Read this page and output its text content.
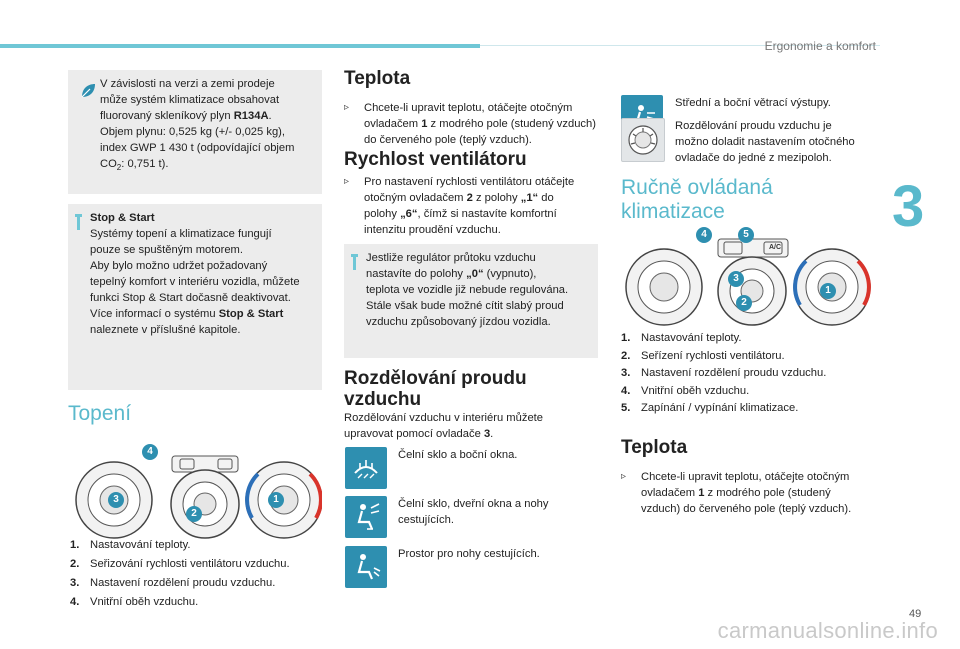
Ergonomie a komfort
3
49
carmanualsonline.info
V závislosti na verzi a zemi prodeje
může systém klimatizace obsahovat
fluorovaný skleníkový plyn R134A.
Objem plynu: 0,525 kg (+/- 0,025 kg),
index GWP 1 430 t (odpovídající objem
$CO_2$: 0,751 t).
Stop & Start
Systémy topení a klimatizace fungují
pouze se spuštěným motorem.
Aby bylo možno udržet požadovaný
tepelný komfort v interiéru vozidla, můžete
funkci Stop & Start dočasně deaktivovat.
Více informací o systému Stop & Start
naleznete v příslušné kapitole.
Topení
4
3
2
1
1. Nastavování teploty.
2. Seřizování rychlosti ventilátoru vzduchu.
3. Nastavení rozdělení proudu vzduchu.
4. Vnitřní oběh vzduchu.
Teplota
▹ Chcete-li upravit teplotu, otáčejte otočným
ovladačem 1 z modrého pole (studený vzduch)
do červeného pole (teplý vzduch).
Rychlost ventilátoru
▹ Pro nastavení rychlosti ventilátoru otáčejte
otočným ovladačem 2 z polohy „1“ do
polohy „6“, čímž si nastavíte komfortní
intenzitu proudění vzduchu.
Jestliže regulátor průtoku vzduchu
nastavíte do polohy „0“ (vypnuto),
teplota ve vozidle již nebude regulována.
Stále však bude možné cítit slabý proud
vzduchu způsobovaný jízdou vozidla.
Rozdělování proudu
vzduchu
Rozdělování vzduchu v interiéru můžete
upravovat pomocí ovladače 3.
Čelní sklo a boční okna.
Čelní sklo, dveřní okna a nohy
cestujících.
Prostor pro nohy cestujících.
Střední a boční větrací výstupy.
Rozdělování proudu vzduchu je
možno doladit nastavením otočného
ovladače do jedné z mezipoloh.
Ručně ovládaná
klimatizace
A/C
4	5
3
2
1
1. Nastavování teploty.
2. Seřízení rychlosti ventilátoru.
3. Nastavení rozdělení proudu vzduchu.
4. Vnitřní oběh vzduchu.
5. Zapínání / vypínání klimatizace.
Teplota
▹ Chcete-li upravit teplotu, otáčejte otočným
ovladačem 1 z modrého pole (studený
vzduch) do červeného pole (teplý vzduch).
